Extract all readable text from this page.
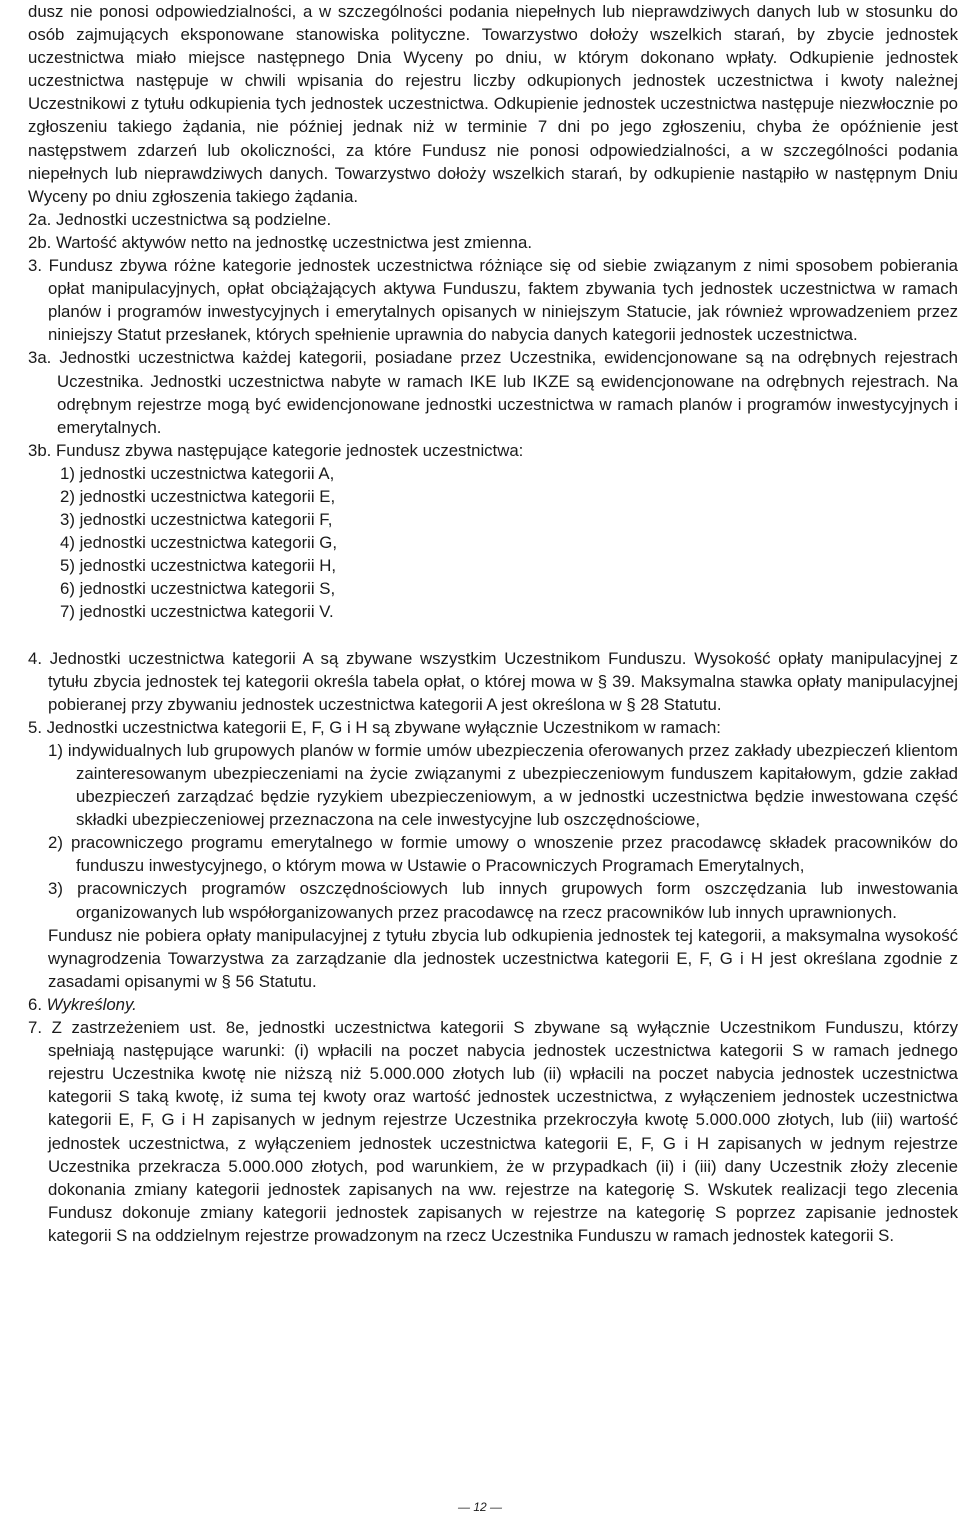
dusz nie ponosi odpowiedzialności, a w szczególności podania niepełnych lub nieprawdziwych danych lub w stosunku do osób zajmujących eksponowane stanowiska polityczne. Towarzystwo dołoży wszelkich starań, by zbycie jednostek uczestnictwa miało miejsce następnego Dnia Wyceny po dniu, w którym dokonano wpłaty. Odkupienie jednostek uczestnictwa następuje w chwili wpisania do rejestru liczby odkupionych jednostek uczestnictwa i kwoty należnej Uczestnikowi z tytułu odkupienia tych jednostek uczestnictwa. Odkupienie jednostek uczestnictwa następuje niezwłocznie po zgłoszeniu takiego żądania, nie później jednak niż w terminie 7 dni po jego zgłoszeniu, chyba że opóźnienie jest następstwem zdarzeń lub okoliczności, za które Fundusz nie ponosi odpowiedzialności, a w szczególności podania niepełnych lub nieprawdziwych danych. Towarzystwo dołoży wszelkich starań, by odkupienie nastąpiło w następnym Dniu Wyceny po dniu zgłoszenia takiego żądania.

2a. Jednostki uczestnictwa są podzielne.

2b. Wartość aktywów netto na jednostkę uczestnictwa jest zmienna.

3. Fundusz zbywa różne kategorie jednostek uczestnictwa różniące się od siebie związanym z nimi sposobem pobierania opłat manipulacyjnych, opłat obciążających aktywa Funduszu, faktem zbywania tych jednostek uczestnictwa w ramach planów i programów inwestycyjnych i emerytalnych opisanych w niniejszym Statucie, jak również wprowadzeniem przez niniejszy Statut przesłanek, których spełnienie uprawnia do nabycia danych kategorii jednostek uczestnictwa.

3a. Jednostki uczestnictwa każdej kategorii, posiadane przez Uczestnika, ewidencjonowane są na odrębnych rejestrach Uczestnika. Jednostki uczestnictwa nabyte w ramach IKE lub IKZE są ewidencjonowane na odrębnych rejestrach. Na odrębnym rejestrze mogą być ewidencjonowane jednostki uczestnictwa w ramach planów i programów inwestycyjnych i emerytalnych.

3b. Fundusz zbywa następujące kategorie jednostek uczestnictwa:

1) jednostki uczestnictwa kategorii A,

2) jednostki uczestnictwa kategorii E,

3) jednostki uczestnictwa kategorii F,

4) jednostki uczestnictwa kategorii G,

5) jednostki uczestnictwa kategorii H,

6) jednostki uczestnictwa kategorii S,

7) jednostki uczestnictwa kategorii V.

4. Jednostki uczestnictwa kategorii A są zbywane wszystkim Uczestnikom Funduszu. Wysokość opłaty manipulacyjnej z tytułu zbycia jednostek tej kategorii określa tabela opłat, o której mowa w § 39. Maksymalna stawka opłaty manipulacyjnej pobieranej przy zbywaniu jednostek uczestnictwa kategorii A jest określona w § 28 Statutu.

5. Jednostki uczestnictwa kategorii E, F, G i H są zbywane wyłącznie Uczestnikom w ramach:

1) indywidualnych lub grupowych planów w formie umów ubezpieczenia oferowanych przez zakłady ubezpieczeń klientom zainteresowanym ubezpieczeniami na życie związanymi z ubezpieczeniowym funduszem kapitałowym, gdzie zakład ubezpieczeń zarządzać będzie ryzykiem ubezpieczeniowym, a w jednostki uczestnictwa będzie inwestowana część składki ubezpieczeniowej przeznaczona na cele inwestycyjne lub oszczędnościowe,

2) pracowniczego programu emerytalnego w formie umowy o wnoszenie przez pracodawcę składek pracowników do funduszu inwestycyjnego, o którym mowa w Ustawie o Pracowniczych Programach Emerytalnych,

3) pracowniczych programów oszczędnościowych lub innych grupowych form oszczędzania lub inwestowania organizowanych lub współorganizowanych przez pracodawcę na rzecz pracowników lub innych uprawnionych.

Fundusz nie pobiera opłaty manipulacyjnej z tytułu zbycia lub odkupienia jednostek tej kategorii, a maksymalna wysokość wynagrodzenia Towarzystwa za zarządzanie dla jednostek uczestnictwa kategorii E, F, G i H jest określana zgodnie z zasadami opisanymi w § 56 Statutu.

6. Wykreślony.

7. Z zastrzeżeniem ust. 8e, jednostki uczestnictwa kategorii S zbywane są wyłącznie Uczestnikom Funduszu, którzy spełniają następujące warunki: (i) wpłacili na poczet nabycia jednostek uczestnictwa kategorii S w ramach jednego rejestru Uczestnika kwotę nie niższą niż 5.000.000 złotych lub (ii) wpłacili na poczet nabycia jednostek uczestnictwa kategorii S taką kwotę, iż suma tej kwoty oraz wartość jednostek uczestnictwa, z wyłączeniem jednostek uczestnictwa kategorii E, F, G i H zapisanych w jednym rejestrze Uczestnika przekroczyła kwotę 5.000.000 złotych, lub (iii) wartość jednostek uczestnictwa, z wyłączeniem jednostek uczestnictwa kategorii E, F, G i H zapisanych w jednym rejestrze Uczestnika przekracza 5.000.000 złotych, pod warunkiem, że w przypadkach (ii) i (iii) dany Uczestnik złoży zlecenie dokonania zmiany kategorii jednostek zapisanych na ww. rejestrze na kategorię S. Wskutek realizacji tego zlecenia Fundusz dokonuje zmiany kategorii jednostek zapisanych w rejestrze na kategorię S poprzez zapisanie jednostek kategorii S na oddzielnym rejestrze prowadzonym na rzecz Uczestnika Funduszu w ramach jednostek kategorii S.

— 12 —
